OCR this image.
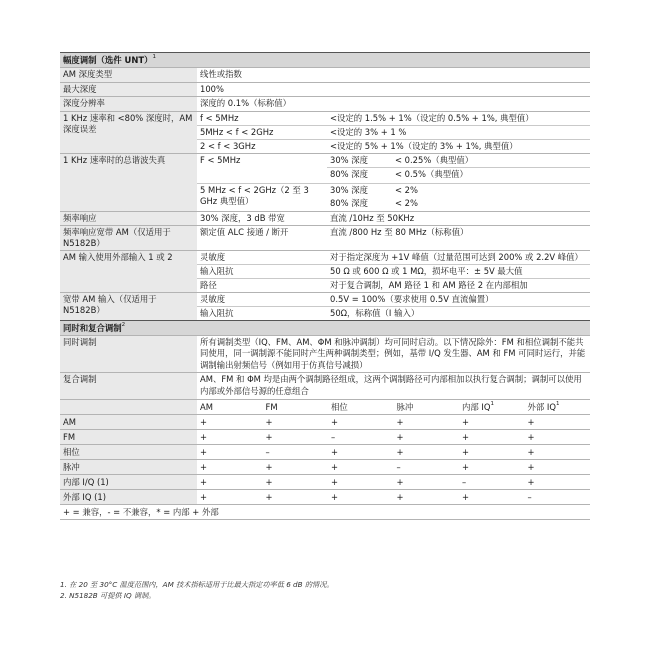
幅度调制（选件 UNT）$^1$
AM 深度类型	线性或指数
最大深度	100%
深度分辨率	深度的 0.1%（标称值）
1 KHz 速率和 <80% 深度时，AM 深度误差
f < 5MHz	<设定的 1.5% + 1%（设定的 0.5% + 1%, 典型值）
5MHz < f < 2GHz	<设定的 3% + 1 %
2 < f < 3GHz	<设定的 5% + 1%（设定的 3% + 1%, 典型值）
1 KHz 速率时的总谐波失真	F < 5MHz	30% 深度	< 0.25%（典型值）
80% 深度	< 0.5%（典型值）
5 MHz < f < 2GHz（2 至 3 GHz 典型值）
30% 深度	< 2%
80% 深度	< 2%
频率响应	30% 深度，3 dB 带宽	直流 /10Hz 至 50KHz
频率响应宽带 AM（仅适用于 N5182B）
额定值 ALC 接通 / 断开	直流 /800 Hz 至 80 MHz（标称值）
AM 输入使用外部输入 1 或 2	灵敏度	对于指定深度为 +1V 峰值（过量范围可达到 200% 或 2.2V 峰值）
输入阻抗	50 Ω 或 600 Ω 或 1 MΩ，损坏电平：± 5V 最大值
路径	对于复合调制，AM 路径 1 和 AM 路径 2 在内部相加
宽带 AM 输入（仅适用于 N5182B）
灵敏度	0.5V = 100%（要求使用 0.5V 直流偏置）
输入阻抗	50Ω，标称值（I 输入）
同时和复合调制$^2$
同时调制	所有调制类型（IQ、FM、AM、ΦM 和脉冲调制）均可同时启动。以下情况除外：FM 和相位调制不能共同使用，同一调制源不能同时产生两种调制类型；例如，基带 I/Q 发生器、AM 和 FM 可同时运行，并能调制输出射频信号（例如用于仿真信号减损）
复合调制	AM、FM 和 ΦM 均是由两个调制路径组成，这两个调制路径可内部相加以执行复合调制；调制可以使用内部或外部信号源的任意组合
AM	FM	相位	脉冲	内部 IQ$^1$	外部 IQ$^1$
AM	+	+	+	+	+	+
FM	+	+	–	+	+	+
相位	+	–	+	+	+	+
脉冲	+	+	+	–	+	+
内部 I/Q (1)	+	+	+	+	–	+
外部 IQ (1)	+	+	+	+	+	–
+ = 兼容，- = 不兼容，* = 内部 + 外部
1. 在 20 至 30°C 温度范围内，AM 技术指标适用于比最大指定功率低 6 dB 的情况。
2. N5182B 可提供 IQ 调制。
